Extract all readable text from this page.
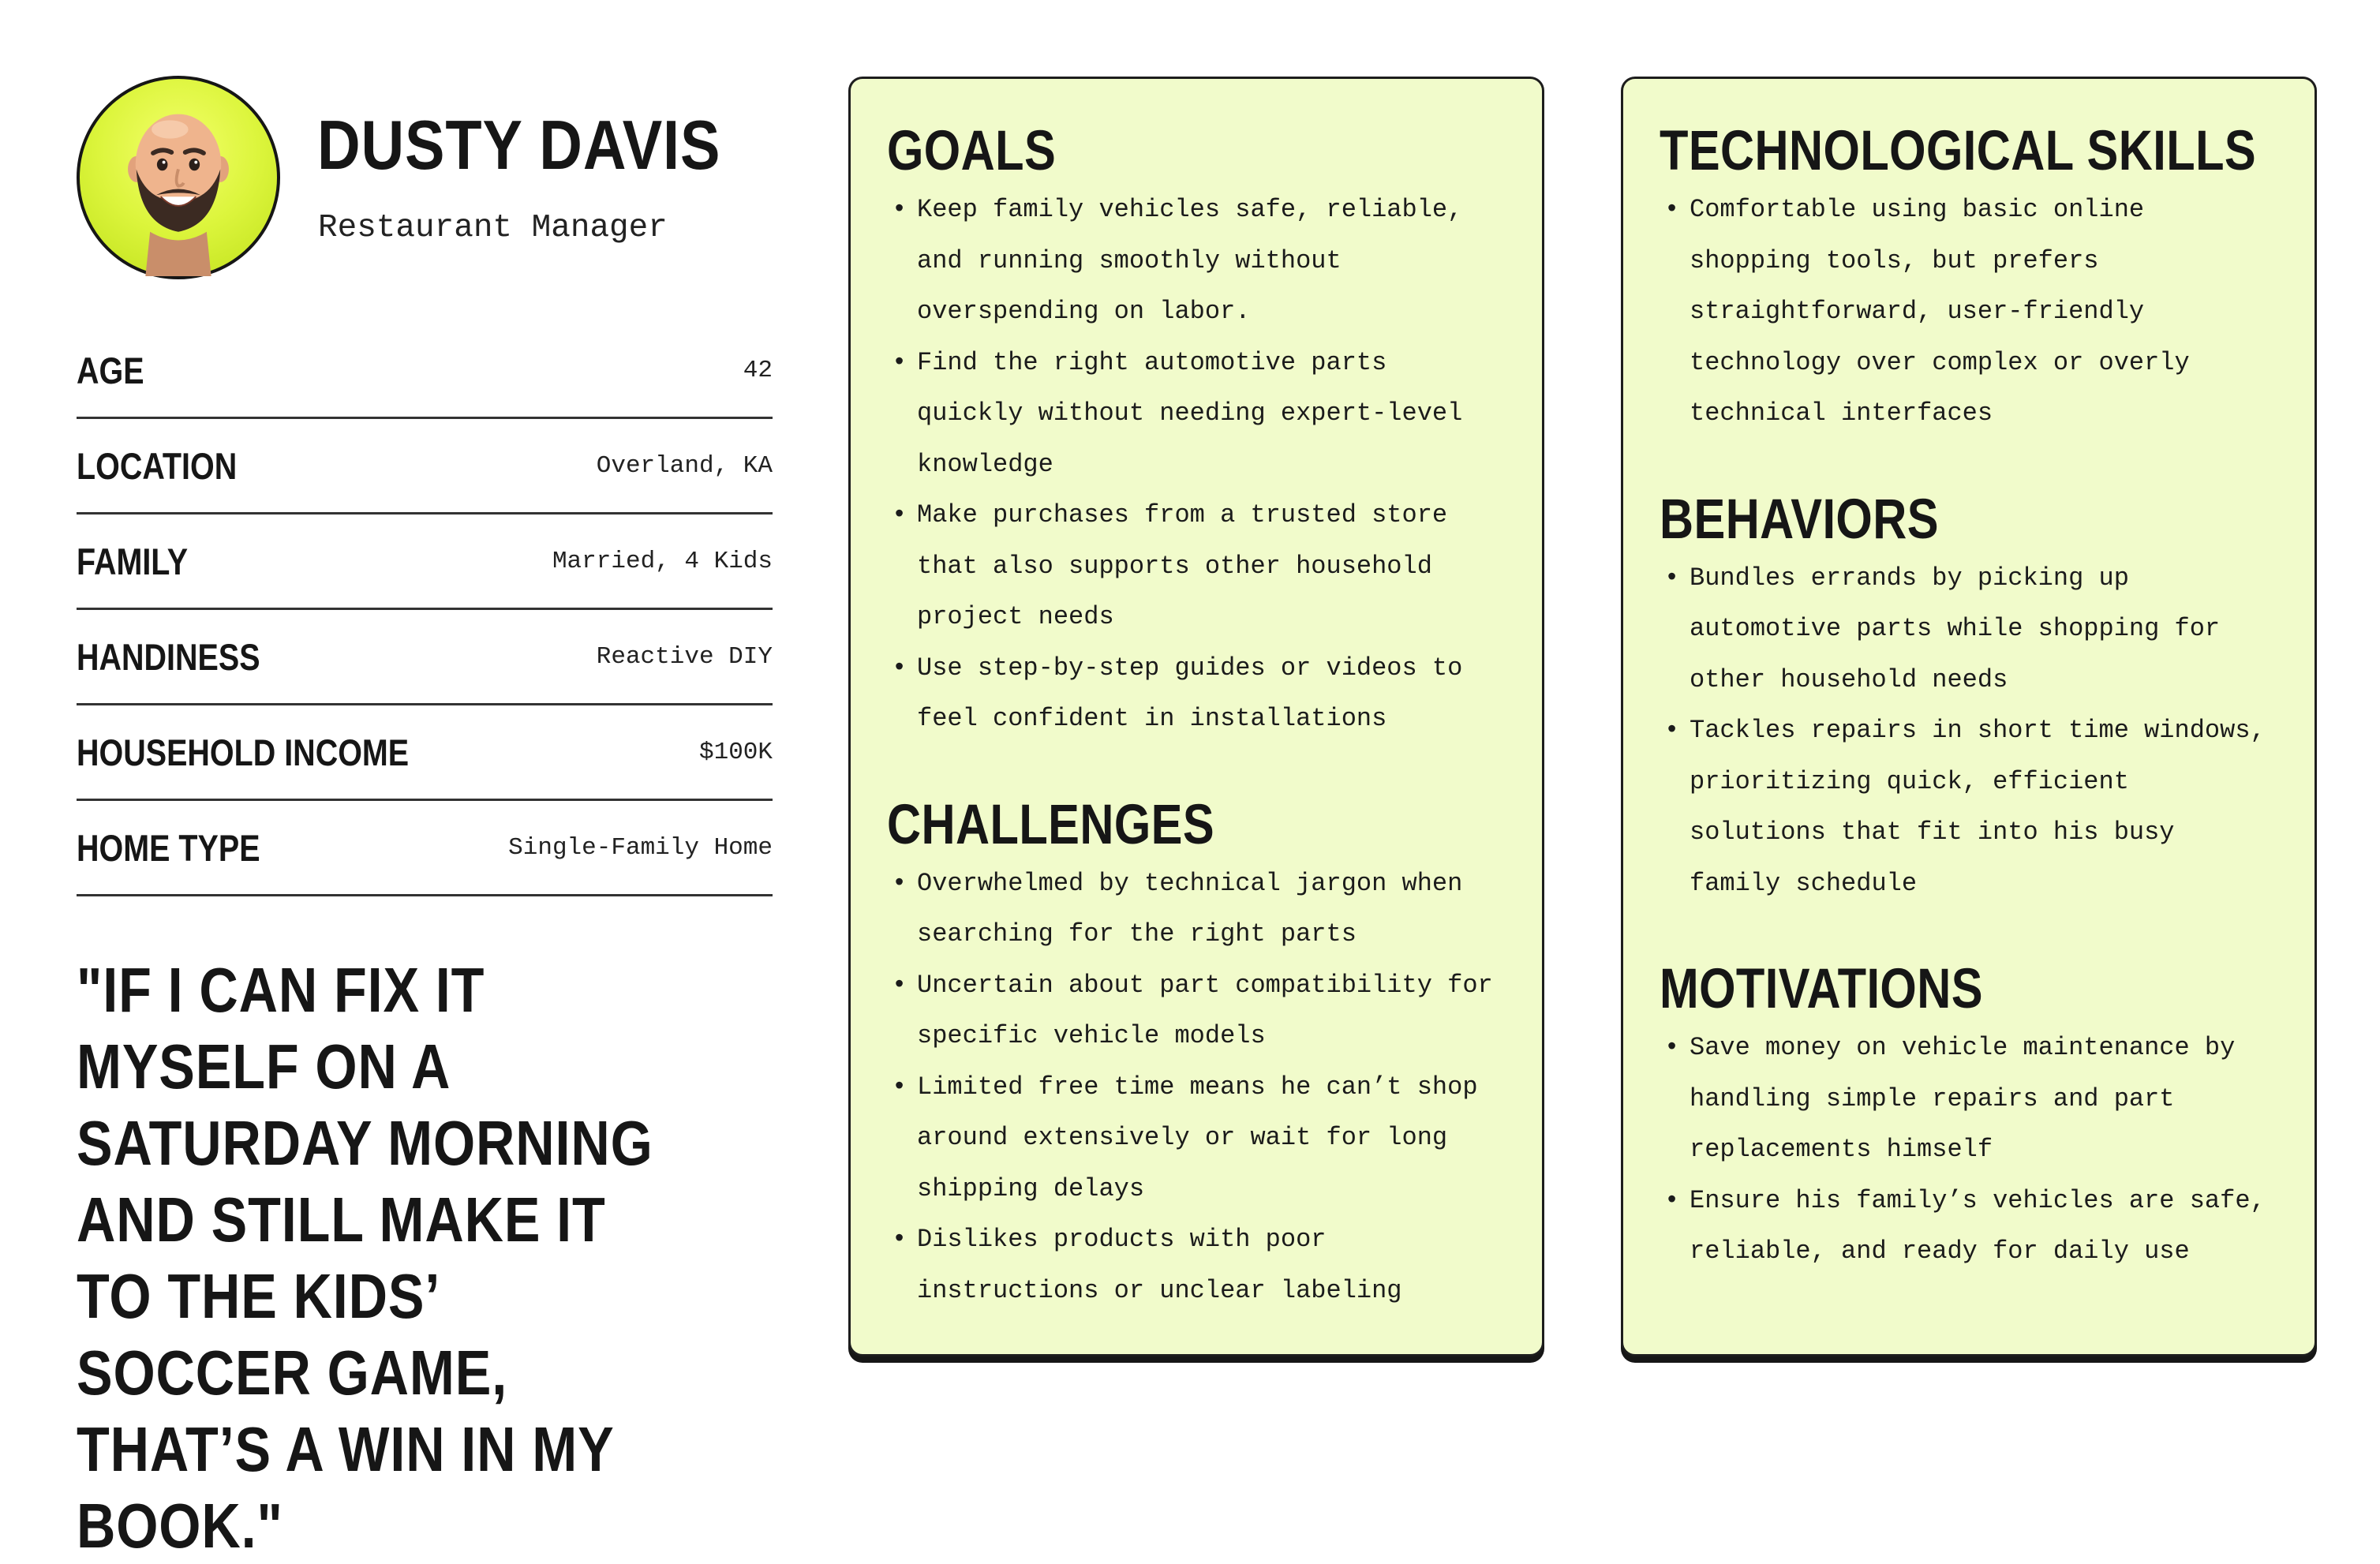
DUSTY DAVIS
Restaurant Manager
AGE	42
LOCATION	Overland, KA
FAMILY	Married, 4 Kids
HANDINESS	Reactive DIY
HOUSEHOLD INCOME	$100K
HOME TYPE	Single-Family Home
"IF I CAN FIX IT MYSELF ON A SATURDAY MORNING AND STILL MAKE IT TO THE KIDS’ SOCCER GAME, THAT’S A WIN IN MY BOOK."
GOALS
• Keep family vehicles safe, reliable, and running smoothly without overspending on labor.
• Find the right automotive parts quickly without needing expert-level knowledge
• Make purchases from a trusted store that also supports other household project needs
• Use step-by-step guides or videos to feel confident in installations
CHALLENGES
• Overwhelmed by technical jargon when searching for the right parts
• Uncertain about part compatibility for specific vehicle models
• Limited free time means he can’t shop around extensively or wait for long shipping delays
• Dislikes products with poor instructions or unclear labeling
TECHNOLOGICAL SKILLS
• Comfortable using basic online shopping tools, but prefers straightforward, user-friendly technology over complex or overly technical interfaces
BEHAVIORS
• Bundles errands by picking up automotive parts while shopping for other household needs
• Tackles repairs in short time windows, prioritizing quick, efficient solutions that fit into his busy family schedule
MOTIVATIONS
• Save money on vehicle maintenance by handling simple repairs and part replacements himself
• Ensure his family’s vehicles are safe, reliable, and ready for daily use
